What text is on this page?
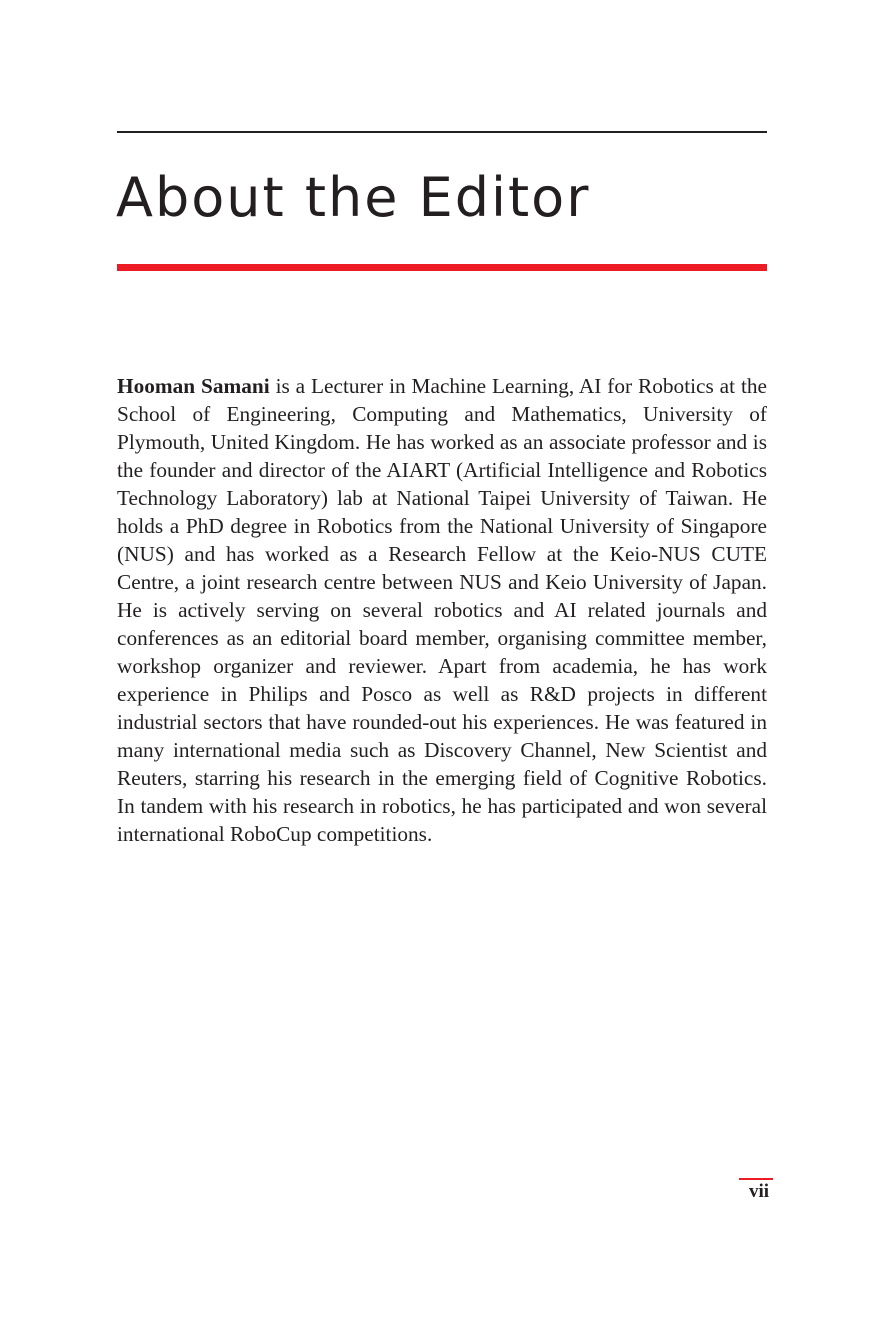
About the Editor

Hooman Samani is a Lecturer in Machine Learning, AI for Robotics at the School of Engineering, Computing and Mathematics, University of Plymouth, United Kingdom. He has worked as an associate professor and is the founder and director of the AIART (Artificial Intelligence and Robotics Technology Laboratory) lab at National Taipei University of Taiwan. He holds a PhD degree in Robotics from the National University of Singapore (NUS) and has worked as a Research Fellow at the Keio-NUS CUTE Centre, a joint research centre between NUS and Keio University of Japan. He is actively serving on several robotics and AI related journals and conferences as an editorial board member, organising committee member, workshop organizer and reviewer. Apart from academia, he has work experience in Philips and Posco as well as R&D projects in different industrial sectors that have rounded-out his experiences. He was featured in many international media such as Discovery Channel, New Scientist and Reuters, starring his research in the emerging field of Cognitive Robotics. In tandem with his research in robotics, he has participated and won several international RoboCup competitions.

vii
